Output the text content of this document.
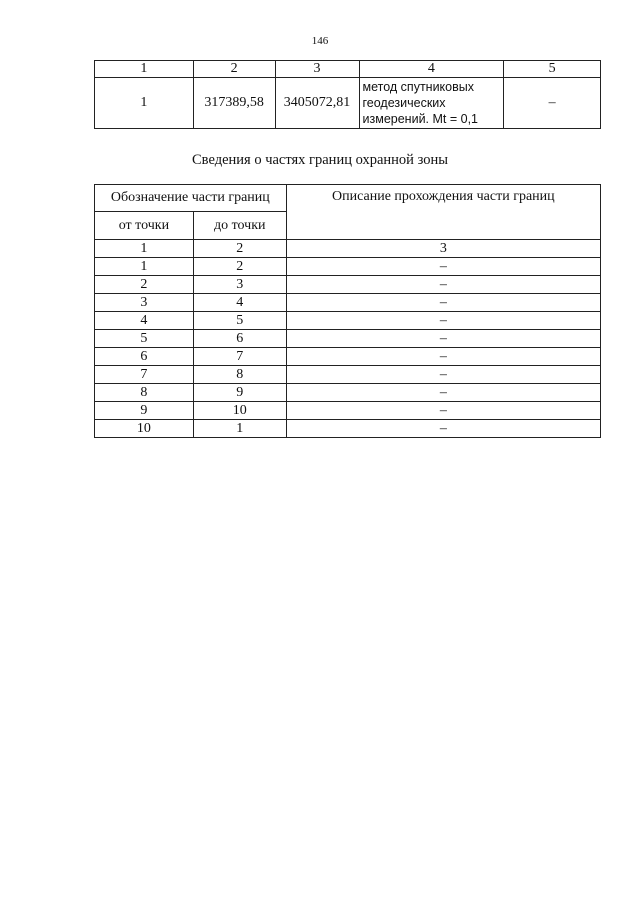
146
1	2	3	4	5
1	317389,58	3405072,81	метод спутниковых
геодезических
измерений. Mt = 0,1	–
Сведения о частях границ охранной зоны
Обозначение части границ		Описание прохождения части границ
от точки	до точки	
1	2	3
1	2	–
2	3	–
3	4	–
4	5	–
5	6	–
6	7	–
7	8	–
8	9	–
9	10	–
10	1	–
